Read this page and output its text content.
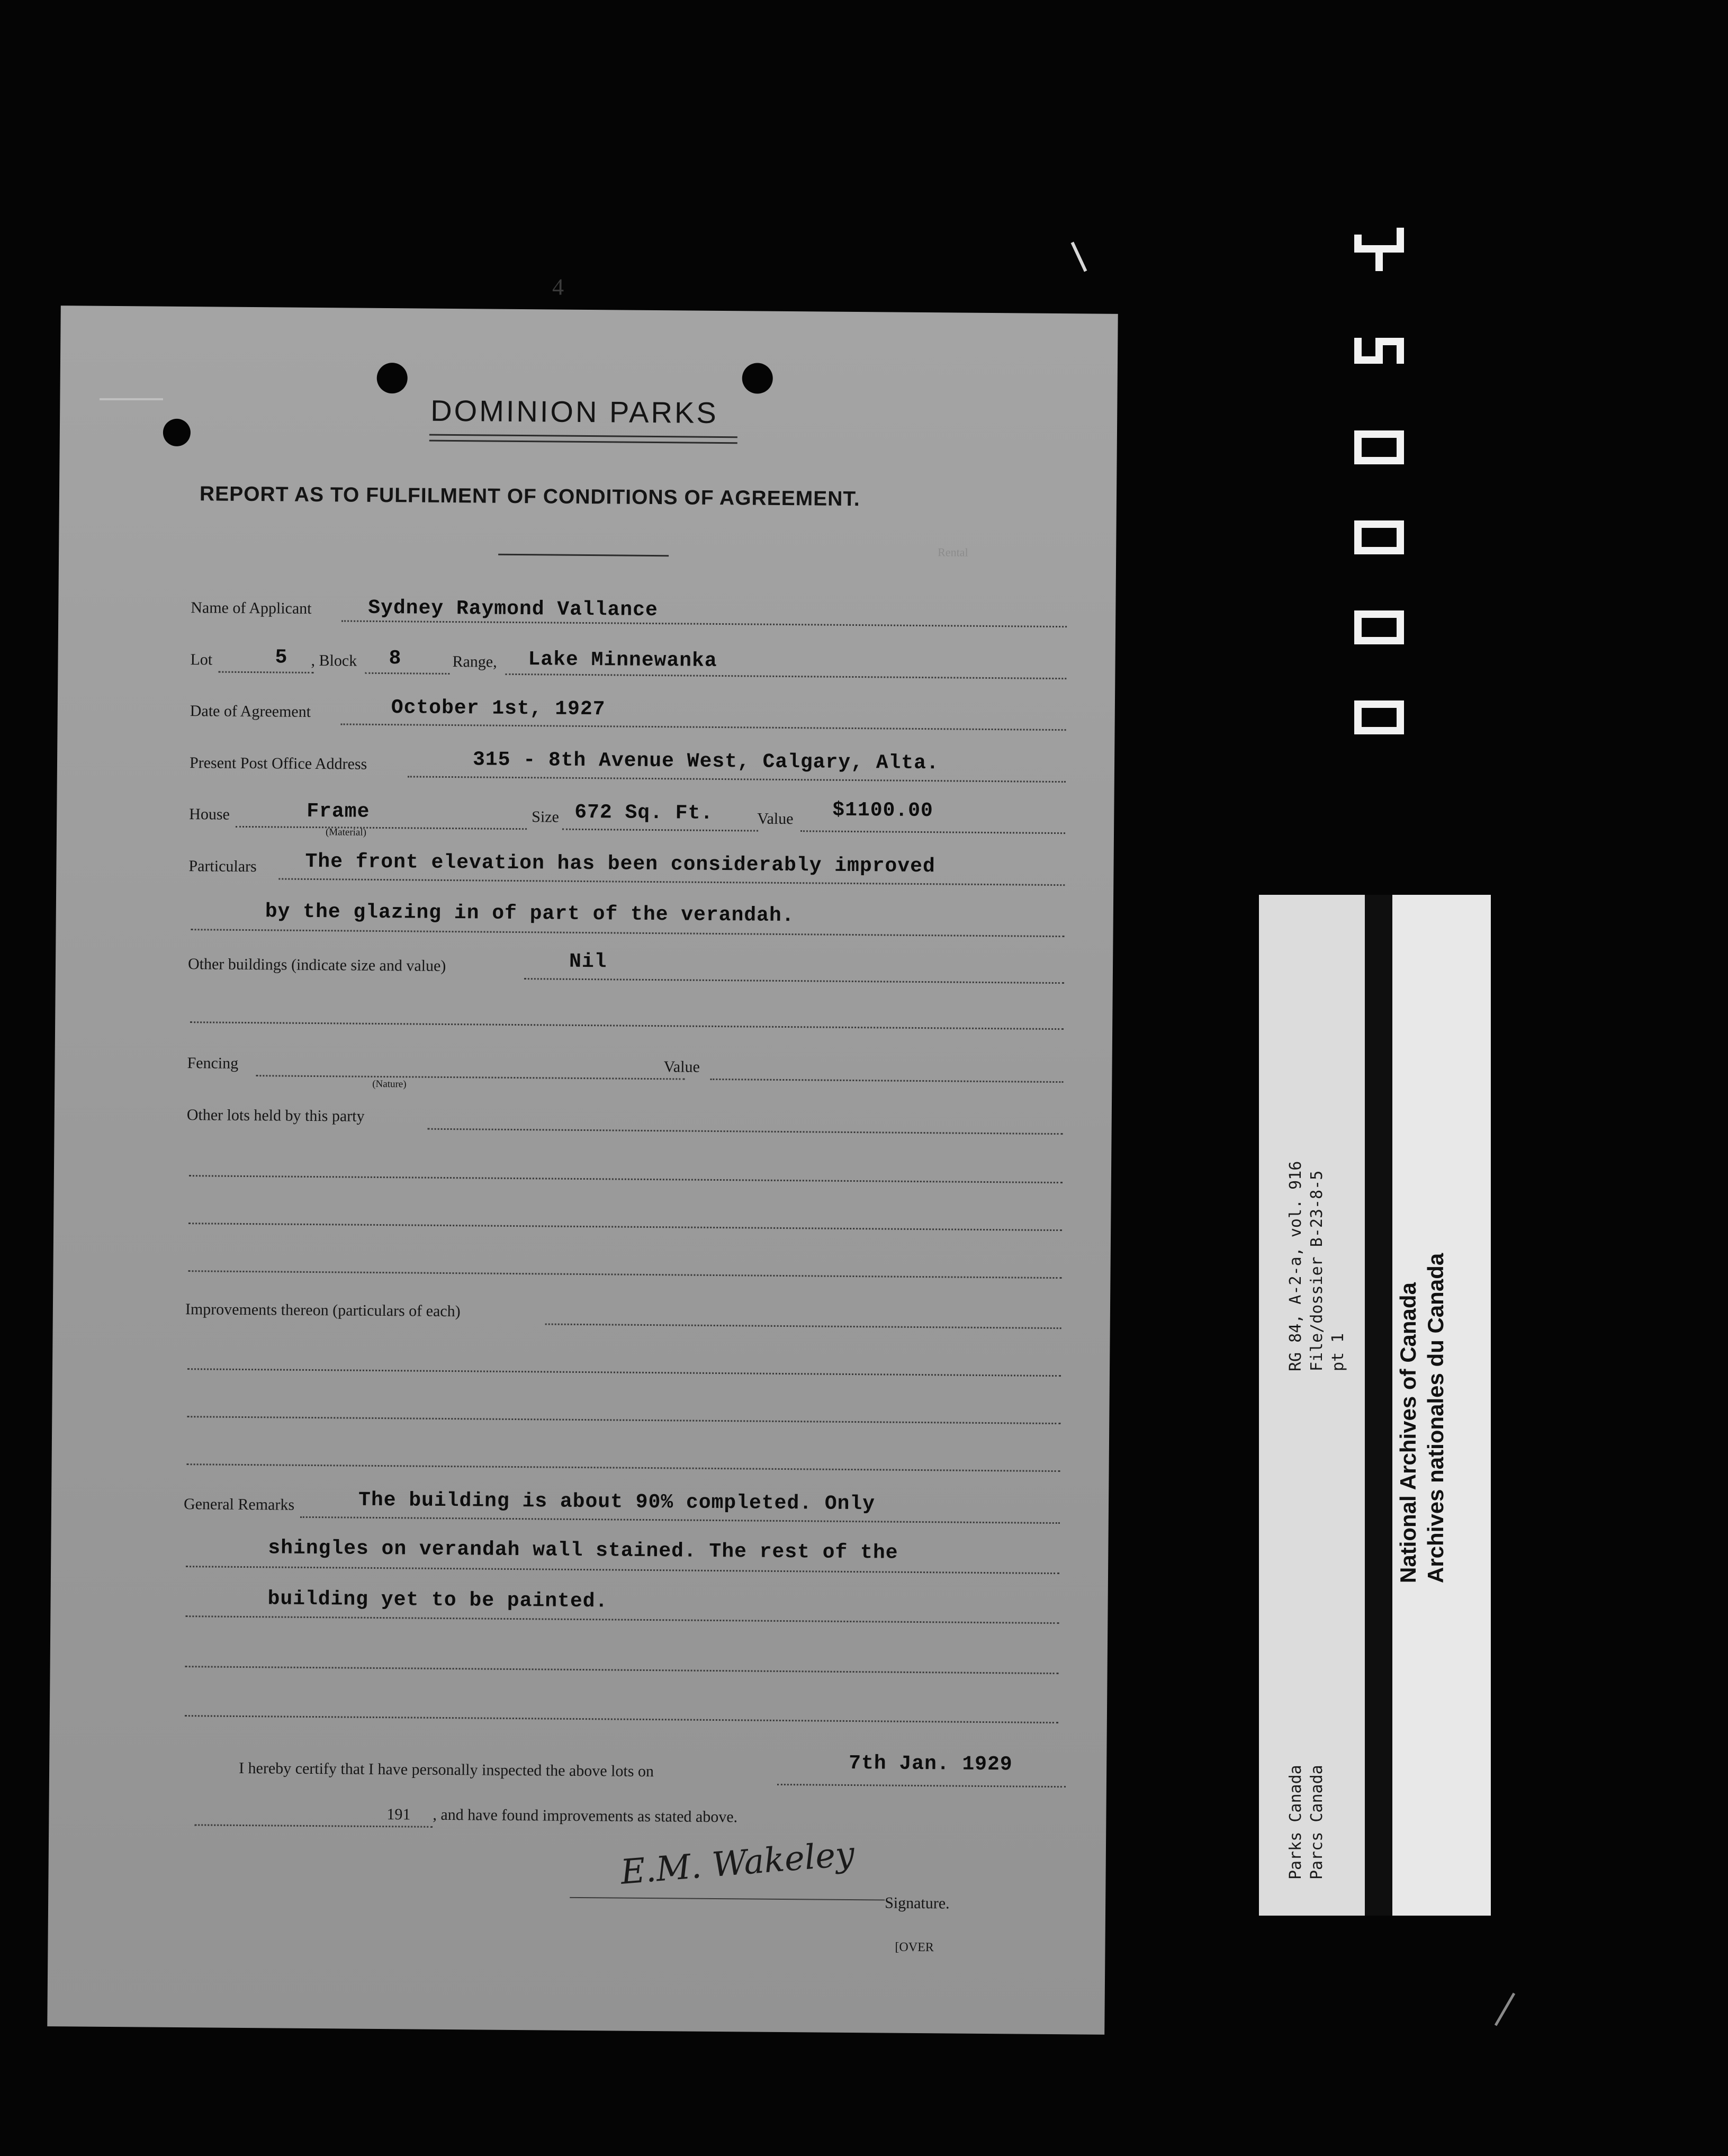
4
DOMINION PARKS
REPORT AS TO FULFILMENT OF CONDITIONS OF AGREEMENT.
Rental
Name of Applicant	Sydney Raymond Vallance
Lot	5 , Block 8	Range, Lake Minnewanka
Date of Agreement	October 1st, 1927
Present Post Office Address	315 - 8th Avenue West, Calgary, Alta.
House	Frame
(Material)
Size 672 Sq. Ft.	Value $1100.00
Particulars The front elevation has been considerably improved
by the glazing in of part of the verandah.
Other buildings (indicate size and value)	Nil
Fencing
(Nature)
Value
Other lots held by this party
Improvements thereon (particulars of each)
General Remarks	The building is about 90% completed. Only
shingles on verandah wall stained. The rest of the
building yet to be painted.
I hereby certify that I have personally inspected the above lots on	7th Jan. 1929
191 , and have found improvements as stated above.
E.M. Wakeley
Signature.
[OVER
RG 84, A-2-a, vol. 916 File/dossier B-23-8-5 pt 1
Parks Canada Parcs Canada
National Archives of Canada Archives nationales du Canada
